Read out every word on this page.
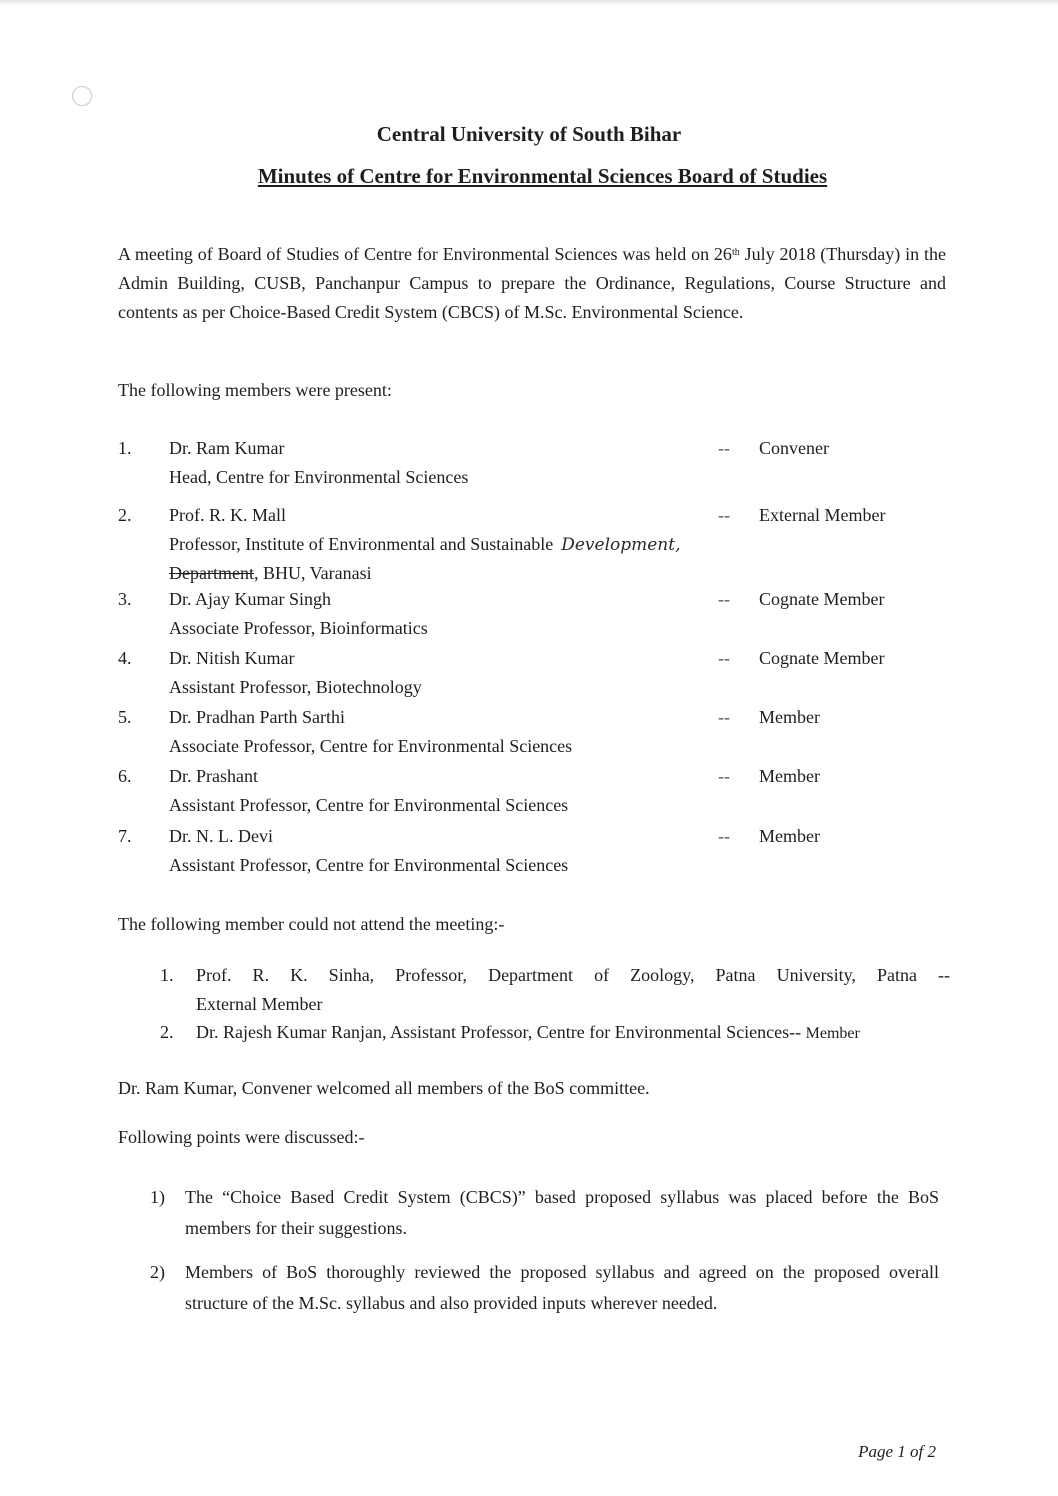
Central University of South Bihar
Minutes of Centre for Environmental Sciences Board of Studies
A meeting of Board of Studies of Centre for Environmental Sciences was held on 26th July 2018 (Thursday) in the Admin Building, CUSB, Panchanpur Campus to prepare the Ordinance, Regulations, Course Structure and contents as per Choice-Based Credit System (CBCS) of M.Sc. Environmental Science.
The following members were present:
1. Dr. Ram Kumar
Head, Centre for Environmental Sciences
-- Convener
2. Prof. R. K. Mall
Professor, Institute of Environmental and Sustainable Development,
Department, BHU, Varanasi
-- External Member
3. Dr. Ajay Kumar Singh
Associate Professor, Bioinformatics
-- Cognate Member
4. Dr. Nitish Kumar
Assistant Professor, Biotechnology
-- Cognate Member
5. Dr. Pradhan Parth Sarthi
Associate Professor, Centre for Environmental Sciences
-- Member
6. Dr. Prashant
Assistant Professor, Centre for Environmental Sciences
-- Member
7. Dr. N. L. Devi
Assistant Professor, Centre for Environmental Sciences
-- Member
The following member could not attend the meeting:-
1. Prof. R. K. Sinha, Professor, Department of Zoology, Patna University, Patna --
External Member
2. Dr. Rajesh Kumar Ranjan, Assistant Professor, Centre for Environmental Sciences-- Member
Dr. Ram Kumar, Convener welcomed all members of the BoS committee.
Following points were discussed:-
1) The “Choice Based Credit System (CBCS)” based proposed syllabus was placed before the BoS members for their suggestions.
2) Members of BoS thoroughly reviewed the proposed syllabus and agreed on the proposed overall structure of the M.Sc. syllabus and also provided inputs wherever needed.
Page 1 of 2
